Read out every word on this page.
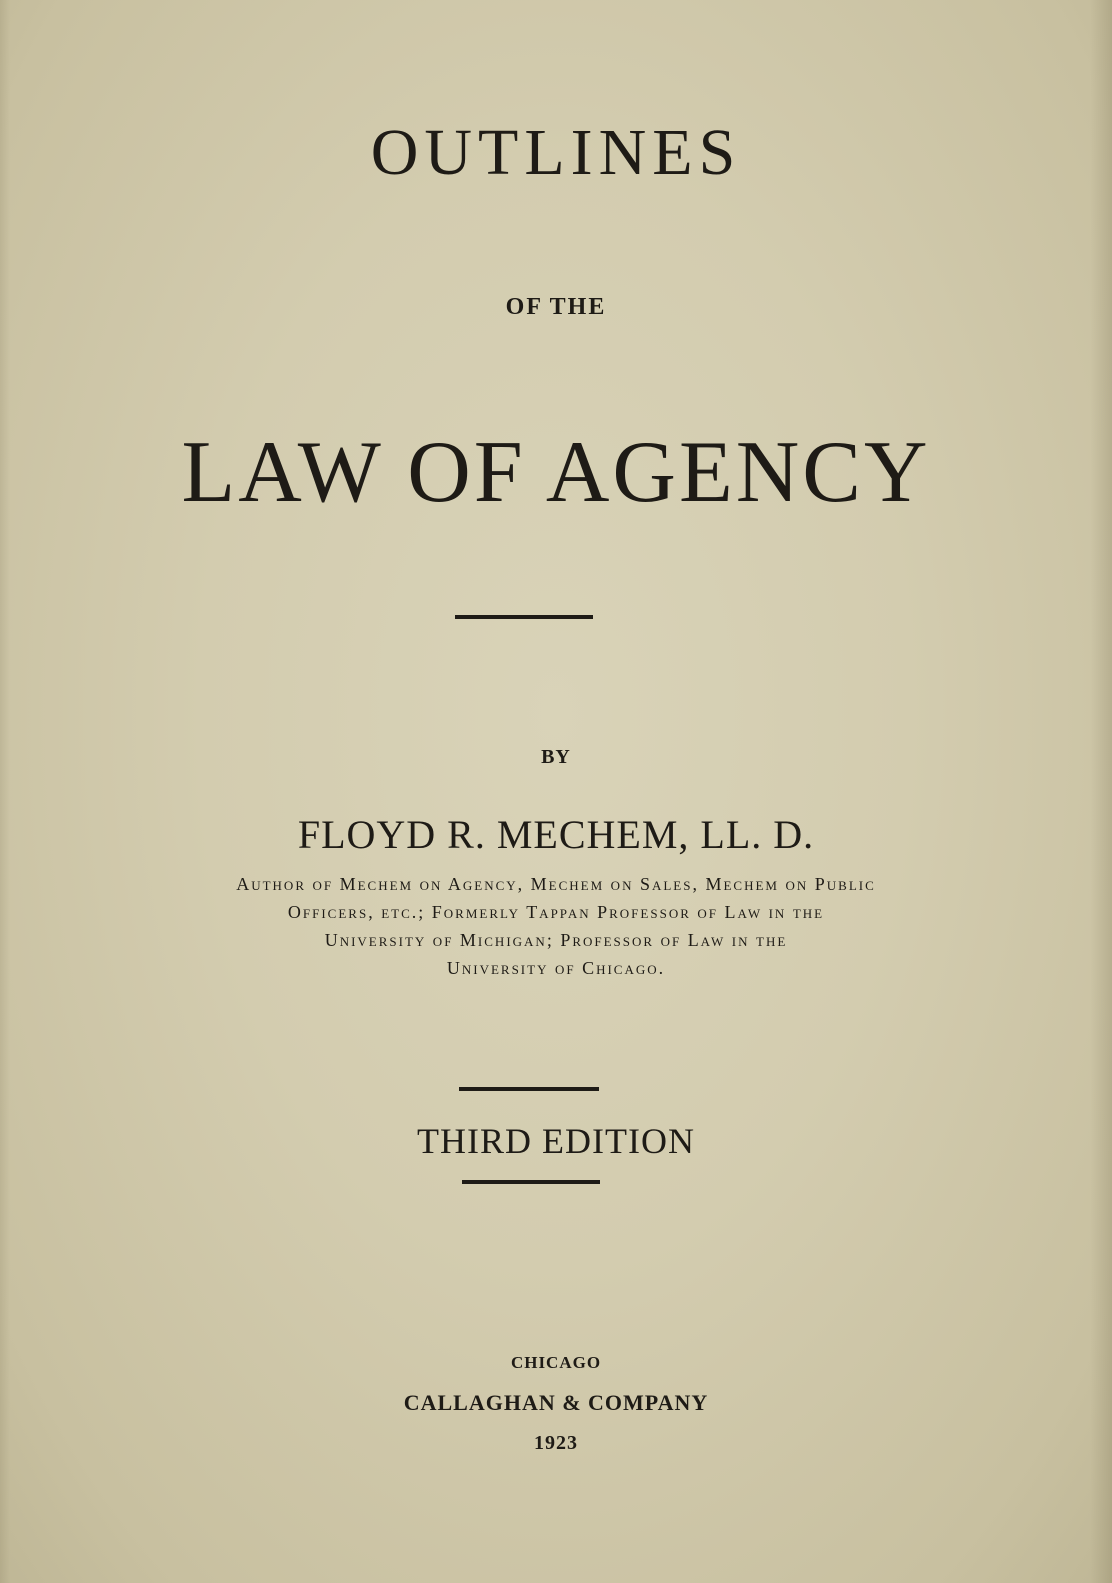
OUTLINES
OF THE
LAW OF AGENCY
BY
FLOYD R. MECHEM, LL. D.
Author of Mechem on Agency, Mechem on Sales, Mechem on Public
Officers, etc.; Formerly Tappan Professor of Law in the
University of Michigan; Professor of Law in the
University of Chicago.
THIRD EDITION
CHICAGO
CALLAGHAN & COMPANY
1923
